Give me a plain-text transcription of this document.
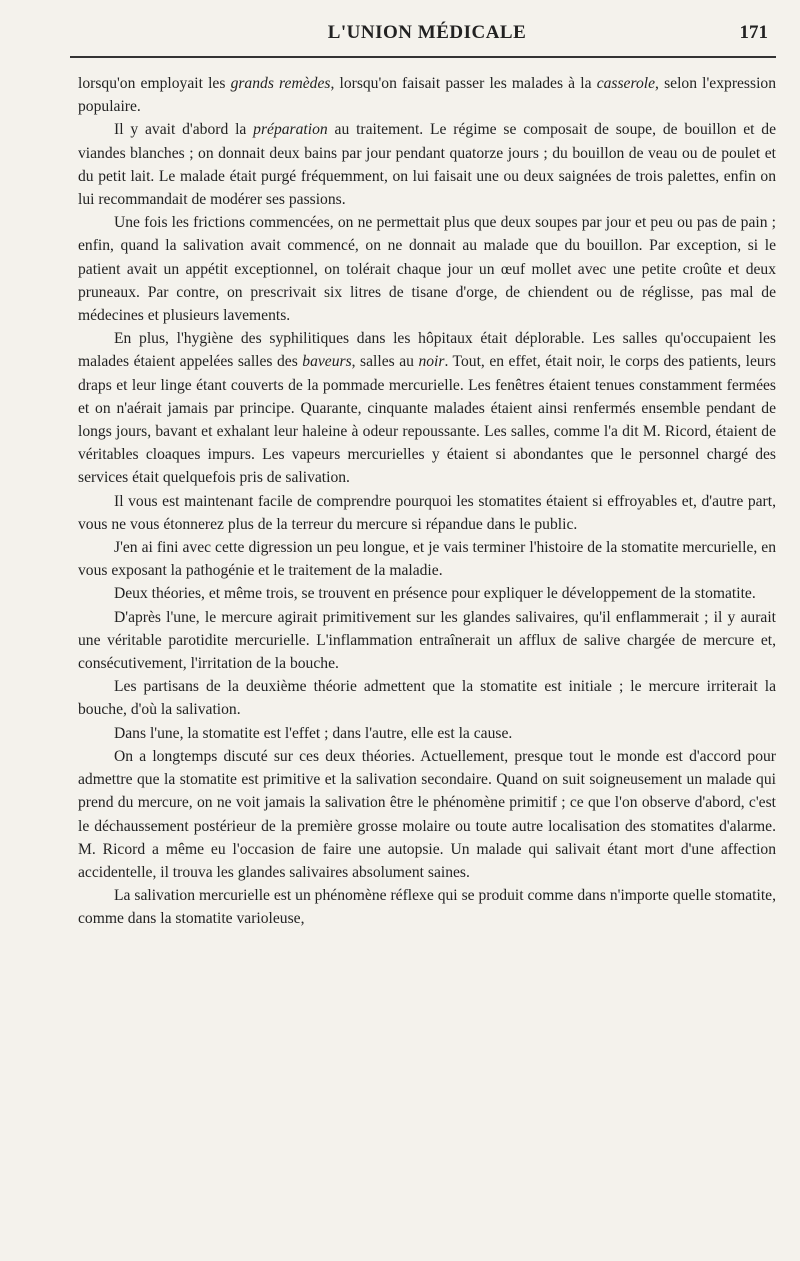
L'UNION MÉDICALE	171

lorsqu'on employait les grands remèdes, lorsqu'on faisait passer les malades à la casserole, selon l'expression populaire.

Il y avait d'abord la préparation au traitement. Le régime se composait de soupe, de bouillon et de viandes blanches ; on donnait deux bains par jour pendant quatorze jours ; du bouillon de veau ou de poulet et du petit lait. Le malade était purgé fréquemment, on lui faisait une ou deux saignées de trois palettes, enfin on lui recommandait de modérer ses passions.

Une fois les frictions commencées, on ne permettait plus que deux soupes par jour et peu ou pas de pain ; enfin, quand la salivation avait commencé, on ne donnait au malade que du bouillon. Par exception, si le patient avait un appétit exceptionnel, on tolérait chaque jour un œuf mollet avec une petite croûte et deux pruneaux. Par contre, on prescrivait six litres de tisane d'orge, de chiendent ou de réglisse, pas mal de médecines et plusieurs lavements.

En plus, l'hygiène des syphilitiques dans les hôpitaux était déplorable. Les salles qu'occupaient les malades étaient appelées salles des baveurs, salles au noir. Tout, en effet, était noir, le corps des patients, leurs draps et leur linge étant couverts de la pommade mercurielle. Les fenêtres étaient tenues constamment fermées et on n'aérait jamais par principe. Quarante, cinquante malades étaient ainsi renfermés ensemble pendant de longs jours, bavant et exhalant leur haleine à odeur repoussante. Les salles, comme l'a dit M. Ricord, étaient de véritables cloaques impurs. Les vapeurs mercurielles y étaient si abondantes que le personnel chargé des services était quelquefois pris de salivation.

Il vous est maintenant facile de comprendre pourquoi les stomatites étaient si effroyables et, d'autre part, vous ne vous étonnerez plus de la terreur du mercure si répandue dans le public.

J'en ai fini avec cette digression un peu longue, et je vais terminer l'histoire de la stomatite mercurielle, en vous exposant la pathogénie et le traitement de la maladie.

Deux théories, et même trois, se trouvent en présence pour expliquer le développement de la stomatite.

D'après l'une, le mercure agirait primitivement sur les glandes salivaires, qu'il enflammerait ; il y aurait une véritable parotidite mercurielle. L'inflammation entraînerait un afflux de salive chargée de mercure et, consécutivement, l'irritation de la bouche.

Les partisans de la deuxième théorie admettent que la stomatite est initiale ; le mercure irriterait la bouche, d'où la salivation.

Dans l'une, la stomatite est l'effet ; dans l'autre, elle est la cause.

On a longtemps discuté sur ces deux théories. Actuellement, presque tout le monde est d'accord pour admettre que la stomatite est primitive et la salivation secondaire. Quand on suit soigneusement un malade qui prend du mercure, on ne voit jamais la salivation être le phénomène primitif ; ce que l'on observe d'abord, c'est le déchaussement postérieur de la première grosse molaire ou toute autre localisation des stomatites d'alarme. M. Ricord a même eu l'occasion de faire une autopsie. Un malade qui salivait étant mort d'une affection accidentelle, il trouva les glandes salivaires absolument saines.

La salivation mercurielle est un phénomène réflexe qui se produit comme dans n'importe quelle stomatite, comme dans la stomatite varioleuse,
